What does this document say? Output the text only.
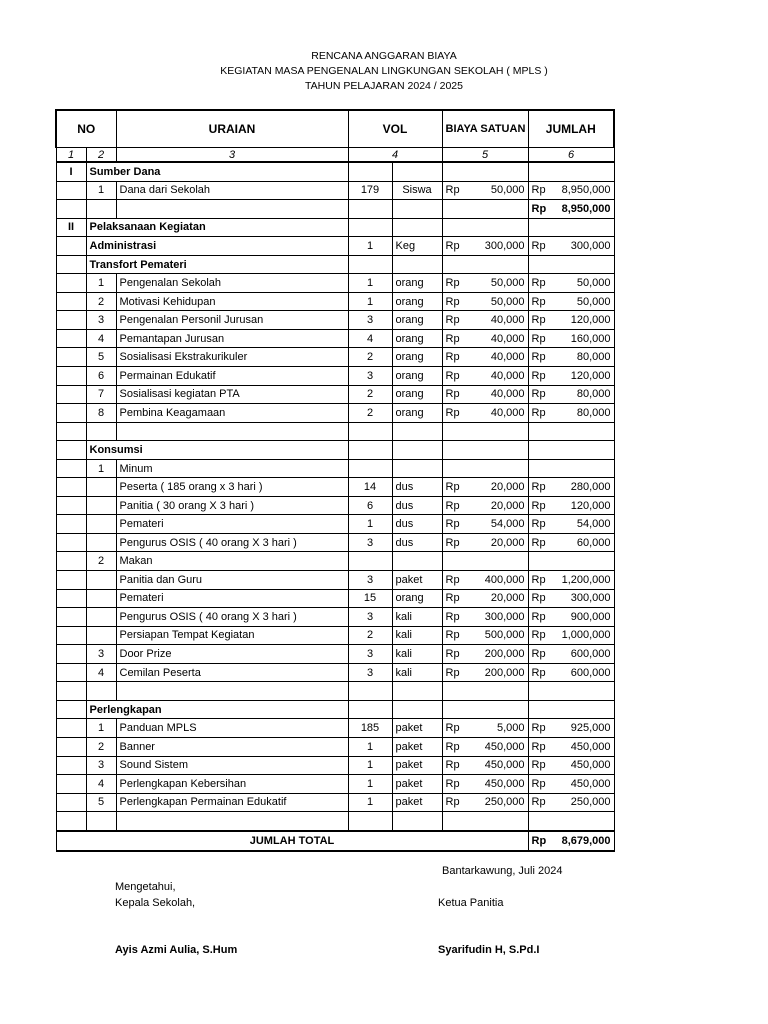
RENCANA ANGGARAN BIAYA
KEGIATAN MASA PENGENALAN LINGKUNGAN SEKOLAH ( MPLS )
TAHUN PELAJARAN 2024 / 2025
NO		URAIAN	VOL		BIAYA SATUAN	JUMLAH
1	2	3	4		5	6
I	Sumber Dana					
	1	Dana dari Sekolah	179	Siswa	Rp 50,000	Rp 8,950,000

						Rp 8,950,000

II	Pelaksanaan Kegiatan					
	Administrasi		1	Keg	Rp 300,000	Rp 300,000

	Transfort Pemateri					
	1	Pengenalan Sekolah	1	orang	Rp 50,000	Rp 50,000

	2	Motivasi Kehidupan	1	orang	Rp 50,000	Rp 50,000

	3	Pengenalan Personil Jurusan	3	orang	Rp 40,000	Rp 120,000

	4	Pemantapan Jurusan	4	orang	Rp 40,000	Rp 160,000

	5	Sosialisasi Ekstrakurikuler	2	orang	Rp 40,000	Rp 80,000

	6	Permainan Edukatif	3	orang	Rp 40,000	Rp 120,000

	7	Sosialisasi kegiatan PTA	2	orang	Rp 40,000	Rp 80,000

	8	Pembina Keagamaan	2	orang	Rp 40,000	Rp 80,000

	Konsumsi					
	1	Minum				
		Peserta ( 185 orang x 3 hari )	14	dus	Rp 20,000	Rp 280,000

		Panitia ( 30 orang X 3 hari )	6	dus	Rp 20,000	Rp 120,000

		Pemateri	1	dus	Rp 54,000	Rp 54,000

		Pengurus OSIS ( 40 orang X 3 hari )	3	dus	Rp 20,000	Rp 60,000

	2	Makan				
		Panitia dan Guru	3	paket	Rp 400,000	Rp 1,200,000

		Pemateri	15	orang	Rp 20,000	Rp 300,000

		Pengurus OSIS ( 40 orang X 3 hari )	3	kali	Rp 300,000	Rp 900,000

		Persiapan Tempat Kegiatan	2	kali	Rp 500,000	Rp 1,000,000

	3	Door Prize	3	kali	Rp 200,000	Rp 600,000

	4	Cemilan Peserta	3	kali	Rp 200,000	Rp 600,000

	Perlengkapan					
	1	Panduan MPLS	185	paket	Rp 5,000	Rp 925,000

	2	Banner	1	paket	Rp 450,000	Rp 450,000

	3	Sound Sistem	1	paket	Rp 450,000	Rp 450,000

	4	Perlengkapan Kebersihan	1	paket	Rp 450,000	Rp 450,000

	5	Perlengkapan Permainan Edukatif	1	paket	Rp 250,000	Rp 250,000

JUMLAH TOTAL						Rp 8,679,000
Bantarkawung, Juli 2024
Mengetahui,
Kepala Sekolah,	Ketua Panitia
Ayis Azmi Aulia, S.Hum	Syarifudin H, S.Pd.I
